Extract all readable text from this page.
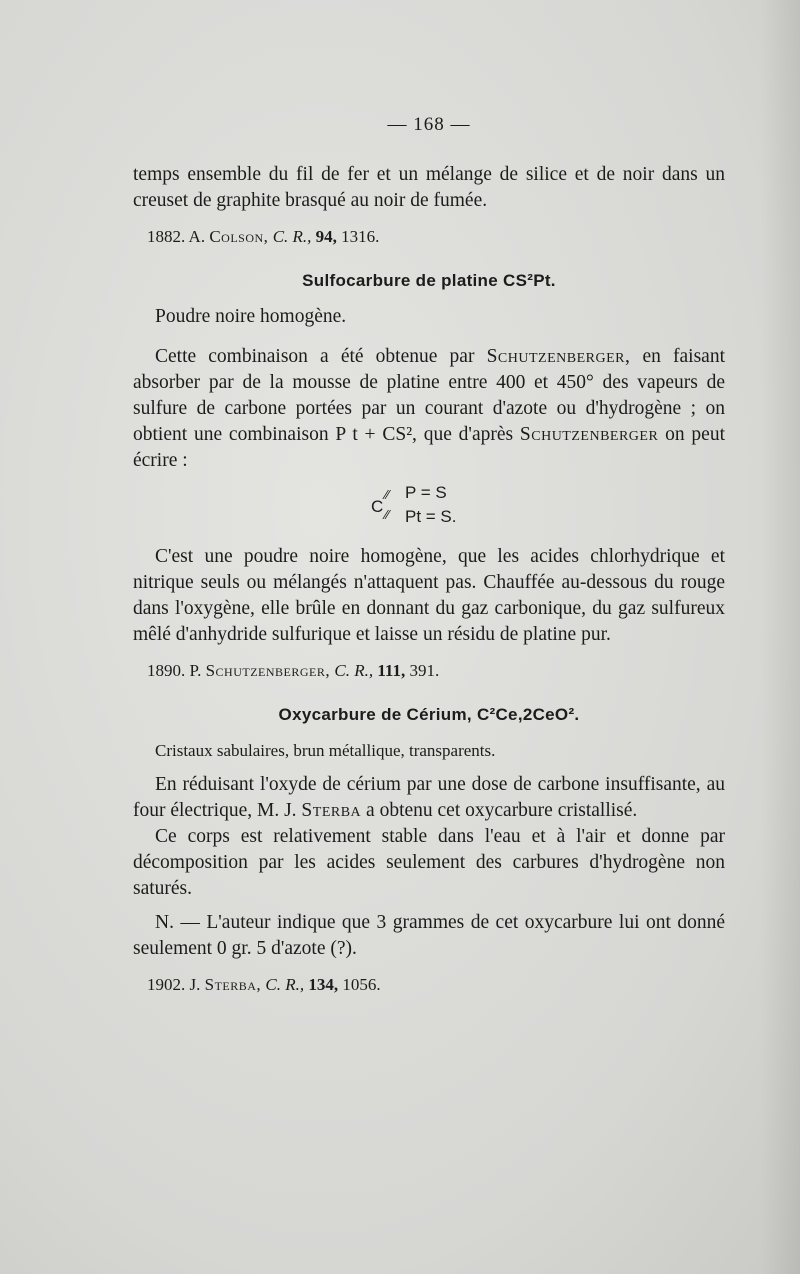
— 168 —

temps ensemble du fil de fer et un mélange de silice et de noir dans un creuset de graphite brasqué au noir de fumée.

1882. A. Colson, C. R., 94, 1316.
Sulfocarbure de platine CS²Pt.

Poudre noire homogène.

Cette combinaison a été obtenue par Schutzenberger, en faisant absorber par de la mousse de platine entre 400 et 450° des vapeurs de sulfure de carbone portées par un courant d'azote ou d'hydrogène ; on obtient une combinaison P t + CS², que d'après Schutzenberger on peut écrire :

C
⁄⁄
⁄⁄
P = S
Pt = S.

C'est une poudre noire homogène, que les acides chlorhydrique et nitrique seuls ou mélangés n'attaquent pas. Chauffée au-dessous du rouge dans l'oxygène, elle brûle en donnant du gaz carbonique, du gaz sulfureux mêlé d'anhydride sulfurique et laisse un résidu de platine pur.

1890. P. Schutzenberger, C. R., 111, 391.
Oxycarbure de Cérium, C²Ce,2CeO².

Cristaux sabulaires, brun métallique, transparents.

En réduisant l'oxyde de cérium par une dose de carbone insuffisante, au four électrique, M. J. Sterba a obtenu cet oxycarbure cristallisé.

Ce corps est relativement stable dans l'eau et à l'air et donne par décomposition par les acides seulement des carbures d'hydrogène non saturés.

N. — L'auteur indique que 3 grammes de cet oxycarbure lui ont donné seulement 0 gr. 5 d'azote (?).

1902. J. Sterba, C. R., 134, 1056.
